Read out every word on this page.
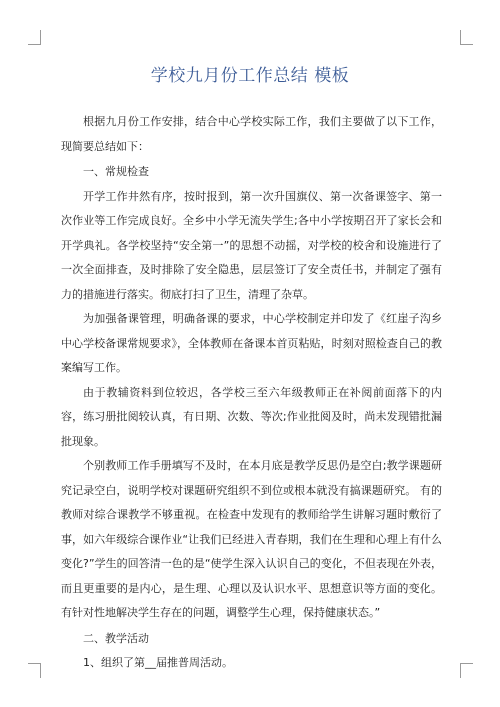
学校九月份工作总结 模板

根据九月份工作安排，结合中心学校实际工作，我们主要做了以下工作，现简要总结如下：

一、常规检查

开学工作井然有序，按时报到，第一次升国旗仪、第一次备课签字、第一次作业等工作完成良好。全乡中小学无流失学生;各中小学按期召开了家长会和开学典礼。各学校坚持“安全第一”的思想不动摇，对学校的校舍和设施进行了一次全面排查，及时排除了安全隐患，层层签订了安全责任书，并制定了强有力的措施进行落实。彻底打扫了卫生，清理了杂草。

为加强备课管理，明确备课的要求，中心学校制定并印发了《红崖子沟乡中心学校备课常规要求》，全体教师在备课本首页粘贴，时刻对照检查自己的教案编写工作。

由于教辅资料到位较迟，各学校三至六年级教师正在补阅前面落下的内容，练习册批阅较认真，有日期、次数、等次;作业批阅及时，尚未发现错批漏批现象。

个别教师工作手册填写不及时，在本月底是教学反思仍是空白;教学课题研究记录空白，说明学校对课题研究组织不到位或根本就没有搞课题研究。 有的教师对综合课教学不够重视。在检查中发现有的教师给学生讲解习题时敷衍了事，如六年级综合课作业“让我们已经进入青春期，我们在生理和心理上有什么变化?”学生的回答清一色的是“使学生深入认识自己的变化，不但表现在外表，而且更重要的是内心，是生理、心理以及认识水平、思想意识等方面的变化。有针对性地解决学生存在的问题，调整学生心理，保持健康状态。”

二、教学活动

1、组织了第__届推普周活动。
